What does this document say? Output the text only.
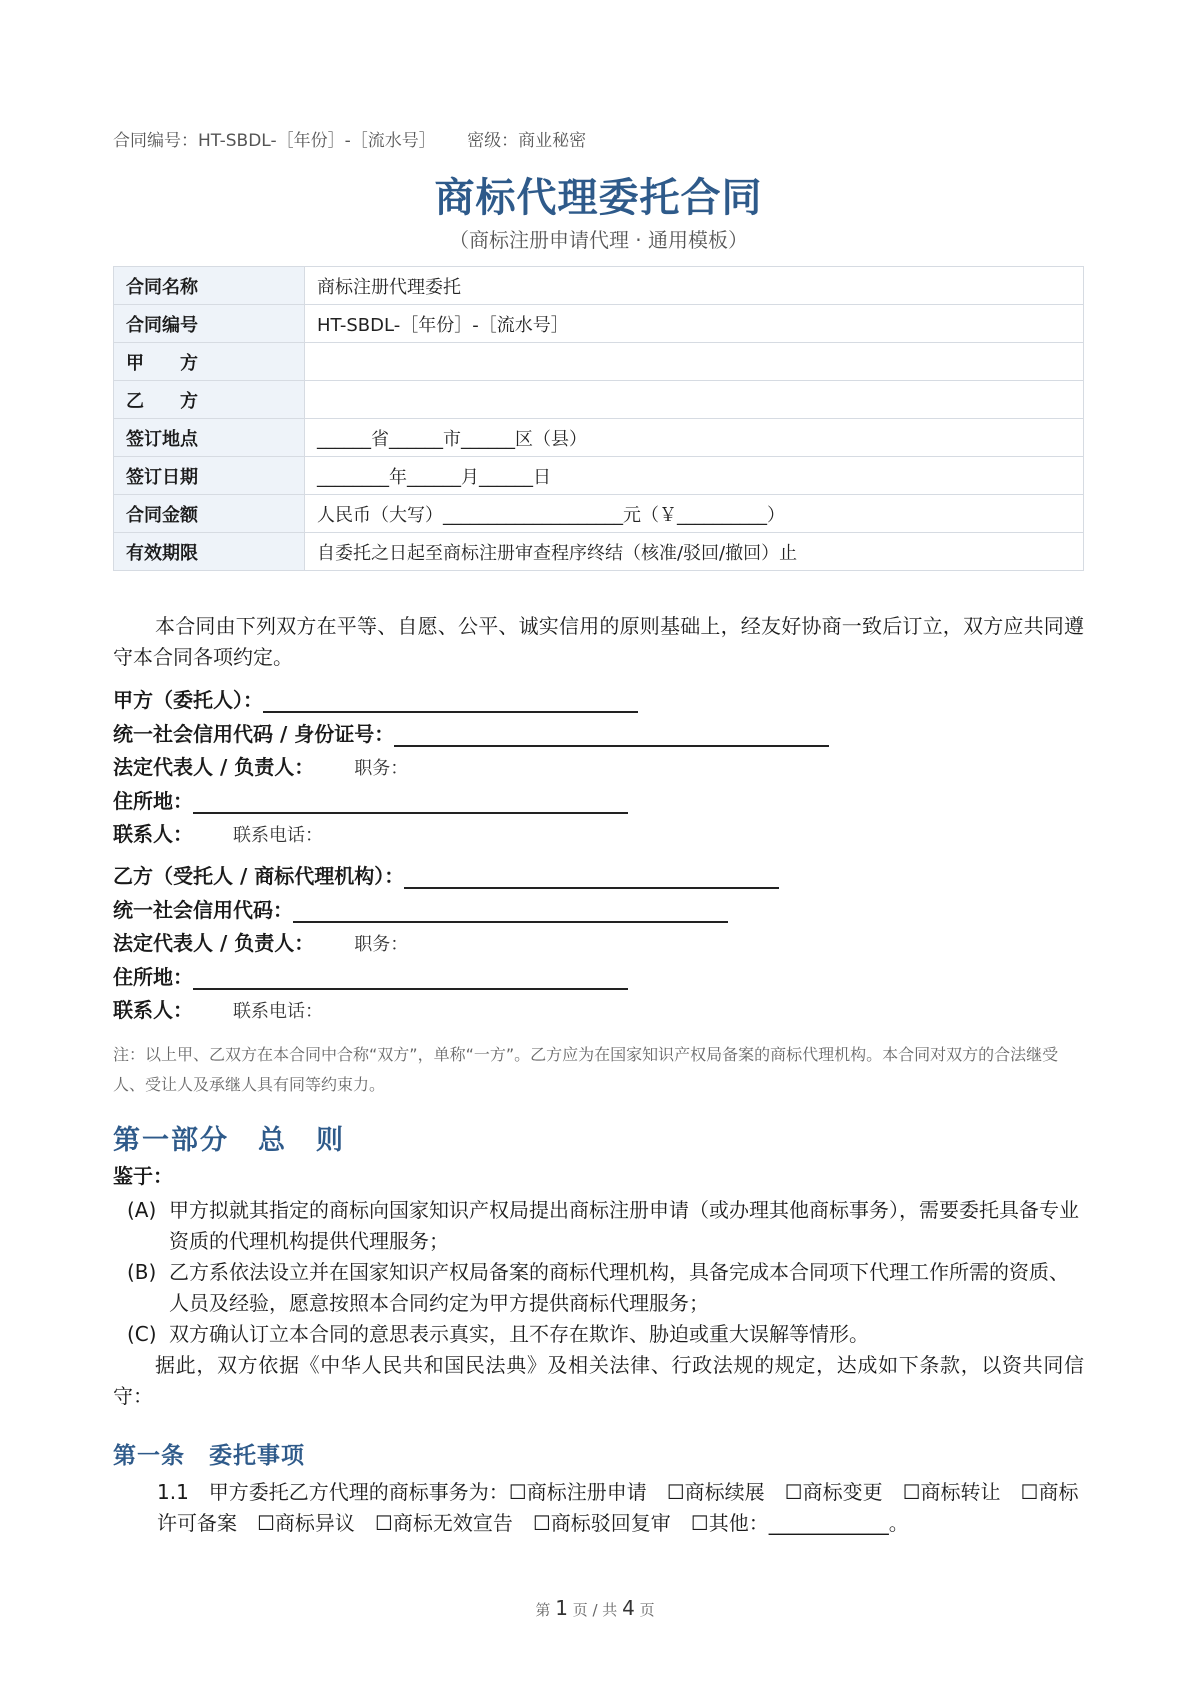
合同编号：HT-SBDL-［年份］-［流水号］ 密级：商业秘密
商标代理委托合同
（商标注册申请代理 · 通用模板）
合同名称	商标注册代理委托
合同编号	HT-SBDL-［年份］-［流水号］
甲　　方	
乙　　方	
签订地点	______省______市______区（县）
签订日期	________年______月______日
合同金额	人民币（大写）____________________元（￥__________）
有效期限	自委托之日起至商标注册审查程序终结（核准/驳回/撤回）止
本合同由下列双方在平等、自愿、公平、诚实信用的原则基础上，经友好协商一致后订立，双方应共同遵守本合同各项约定。
甲方（委托人）：
统一社会信用代码 / 身份证号：
法定代表人 / 负责人： 职务：
住所地：
联系人： 联系电话：
乙方（受托人 / 商标代理机构）：
统一社会信用代码：
法定代表人 / 负责人： 职务：
住所地：
联系人： 联系电话：
注：以上甲、乙双方在本合同中合称“双方”，单称“一方”。乙方应为在国家知识产权局备案的商标代理机构。本合同对双方的合法继受人、受让人及承继人具有同等约束力。
第一部分　总　则
鉴于：
(A) 甲方拟就其指定的商标向国家知识产权局提出商标注册申请（或办理其他商标事务），需要委托具备专业资质的代理机构提供代理服务；
(B) 乙方系依法设立并在国家知识产权局备案的商标代理机构，具备完成本合同项下代理工作所需的资质、人员及经验，愿意按照本合同约定为甲方提供商标代理服务；
(C) 双方确认订立本合同的意思表示真实，且不存在欺诈、胁迫或重大误解等情形。
据此，双方依据《中华人民共和国民法典》及相关法律、行政法规的规定，达成如下条款，以资共同信守：
第一条　委托事项
1.1　甲方委托乙方代理的商标事务为：☐商标注册申请　☐商标续展　☐商标变更　☐商标转让　☐商标许可备案　☐商标异议　☐商标无效宣告　☐商标驳回复审　☐其他：____________。
第 1 页 / 共 4 页
